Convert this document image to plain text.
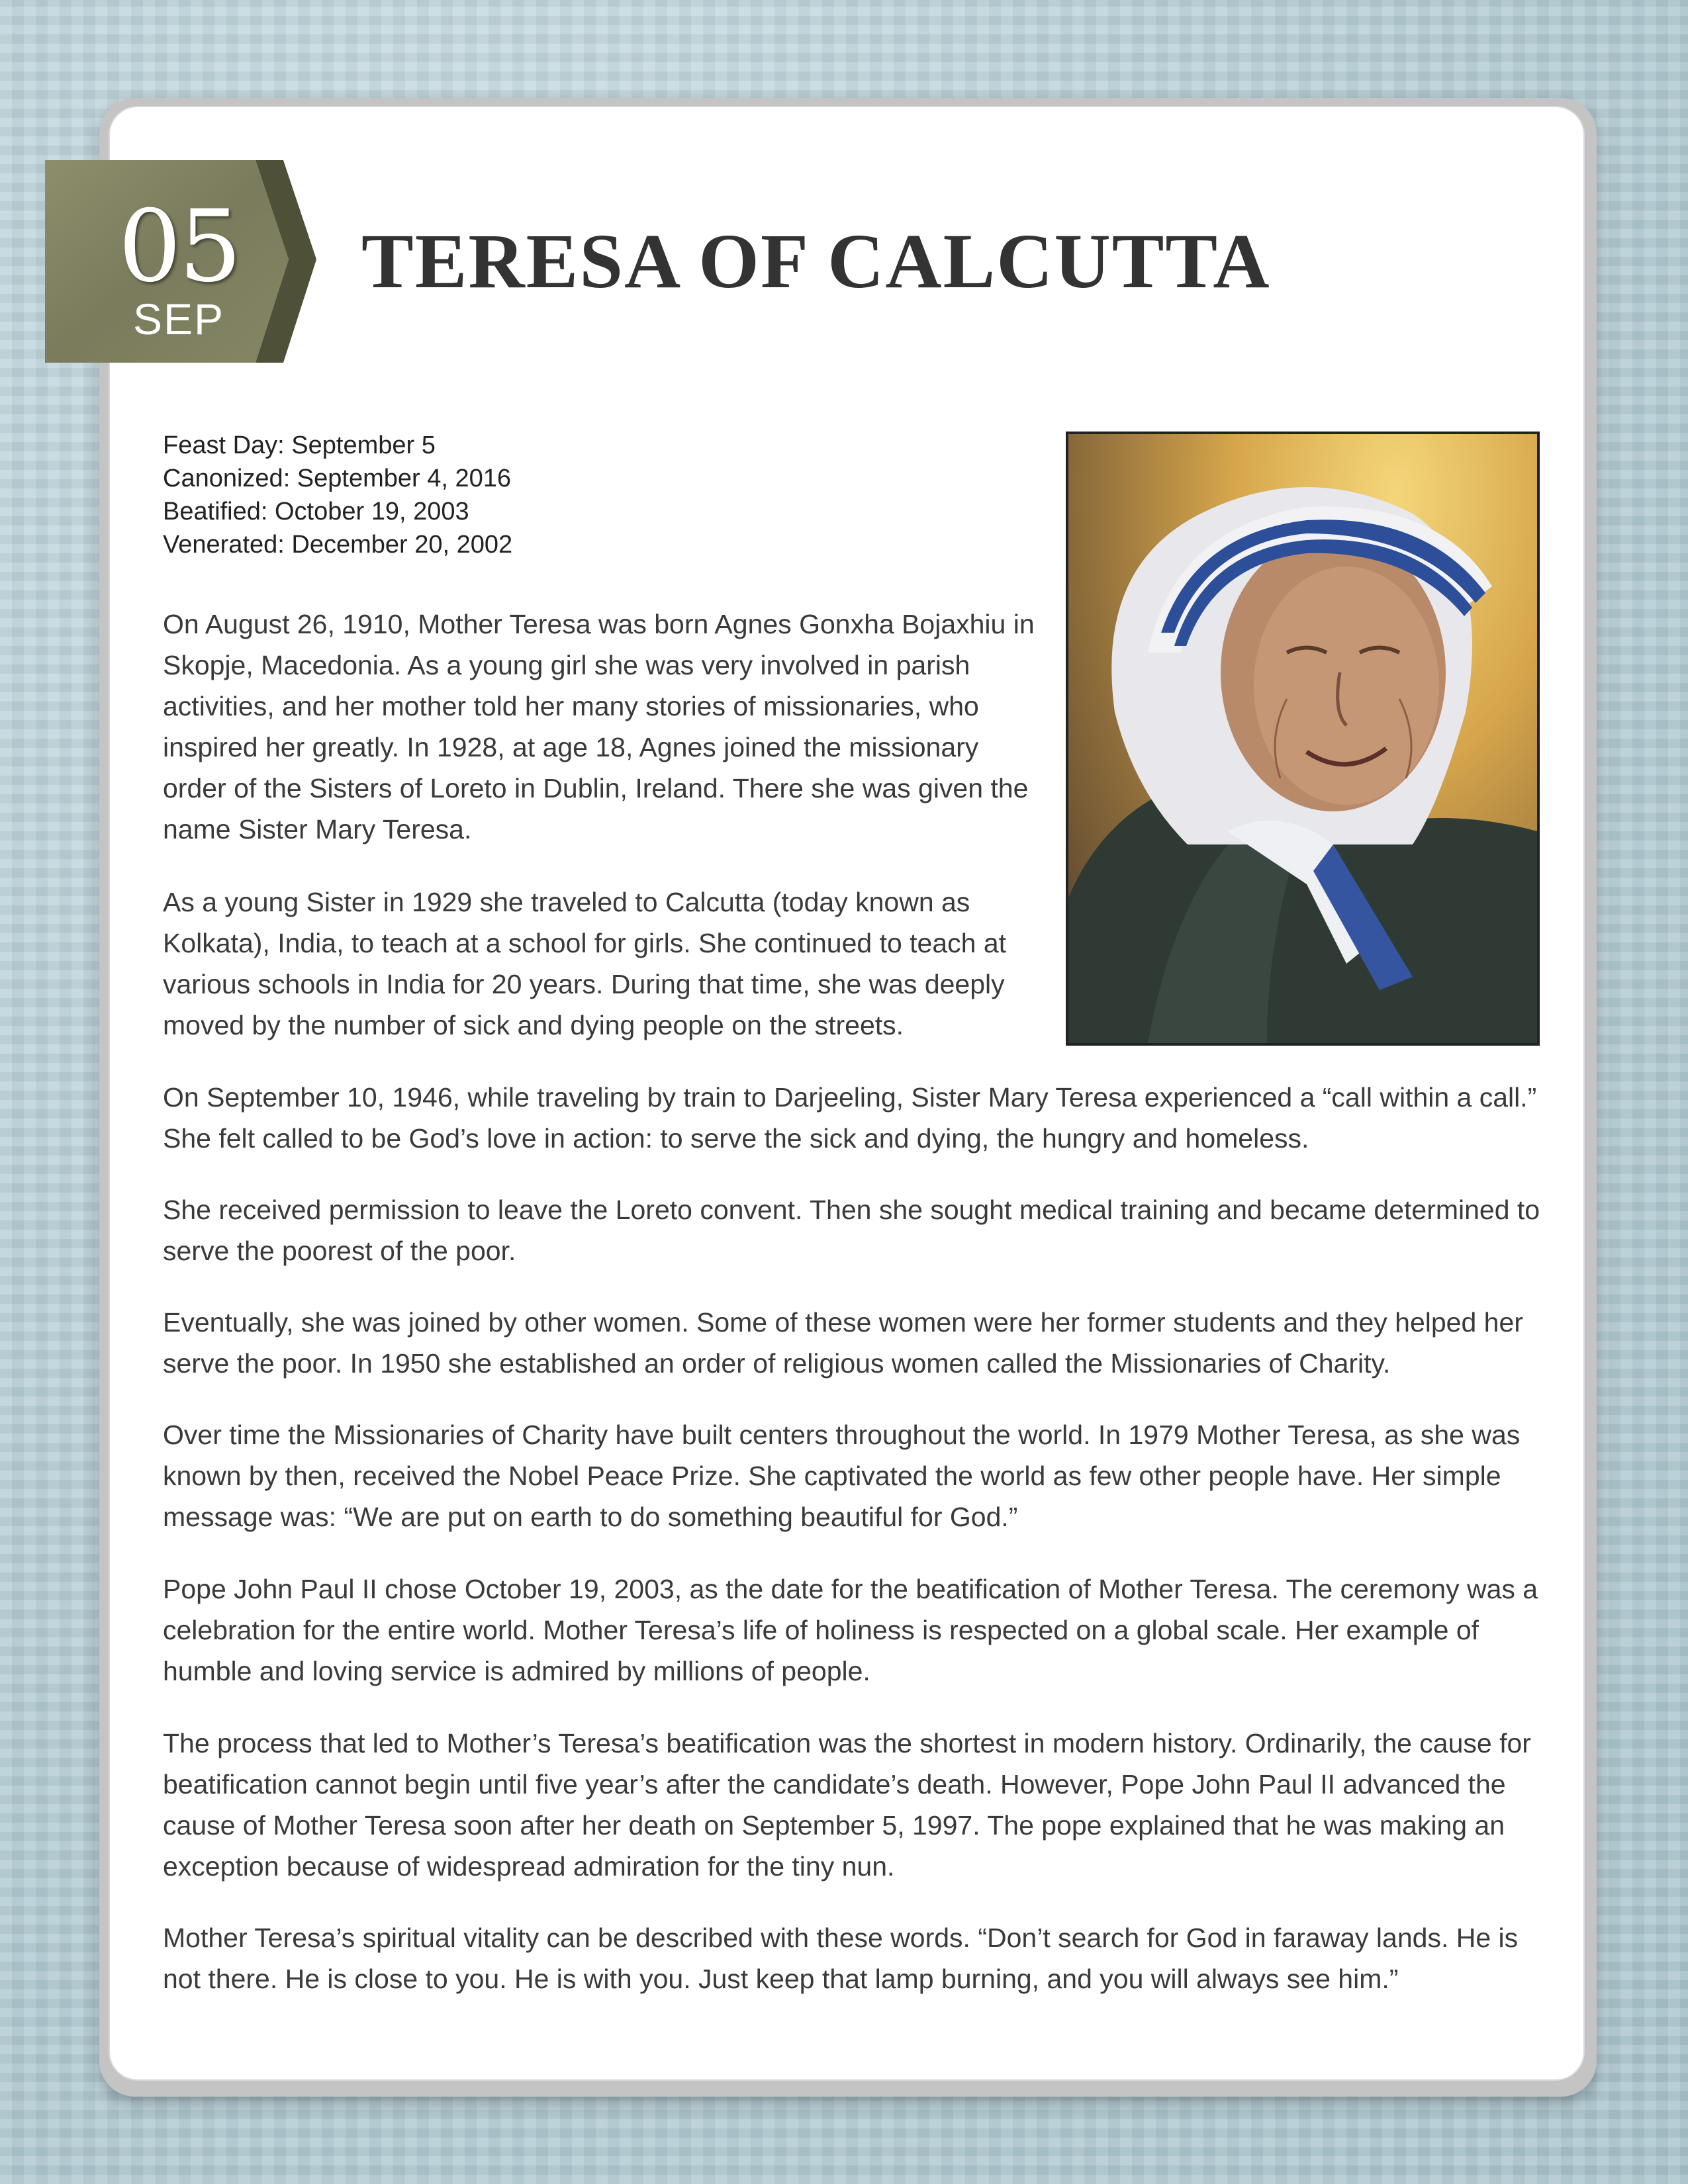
05
SEP
TERESA OF CALCUTTA
Feast Day: September 5
Canonized: September 4, 2016
Beatified: October 19, 2003
Venerated: December 20, 2002

On August 26, 1910, Mother Teresa was born Agnes Gonxha Bojaxhiu in Skopje, Macedonia. As a young girl she was very involved in parish activities, and her mother told her many stories of missionaries, who inspired her greatly. In 1928, at age 18, Agnes joined the missionary order of the Sisters of Loreto in Dublin, Ireland. There she was given the name Sister Mary Teresa.

As a young Sister in 1929 she traveled to Calcutta (today known as Kolkata), India, to teach at a school for girls. She continued to teach at various schools in India for 20 years. During that time, she was deeply moved by the number of sick and dying people on the streets.

On September 10, 1946, while traveling by train to Darjeeling, Sister Mary Teresa experienced a “call within a call.” She felt called to be God’s love in action: to serve the sick and dying, the hungry and homeless.

She received permission to leave the Loreto convent. Then she sought medical training and became determined to serve the poorest of the poor.

Eventually, she was joined by other women. Some of these women were her former students and they helped her serve the poor. In 1950 she established an order of religious women called the Missionaries of Charity.

Over time the Missionaries of Charity have built centers throughout the world. In 1979 Mother Teresa, as she was known by then, received the Nobel Peace Prize. She captivated the world as few other people have. Her simple message was: “We are put on earth to do something beautiful for God.”

Pope John Paul II chose October 19, 2003, as the date for the beatification of Mother Teresa. The ceremony was a celebration for the entire world. Mother Teresa’s life of holiness is respected on a global scale. Her example of humble and loving service is admired by millions of people.

The process that led to Mother’s Teresa’s beatification was the shortest in modern history. Ordinarily, the cause for beatification cannot begin until five year’s after the candidate’s death. However, Pope John Paul II advanced the cause of Mother Teresa soon after her death on September 5, 1997. The pope explained that he was making an exception because of widespread admiration for the tiny nun.

Mother Teresa’s spiritual vitality can be described with these words. “Don’t search for God in faraway lands. He is not there. He is close to you. He is with you. Just keep that lamp burning, and you will always see him.”
